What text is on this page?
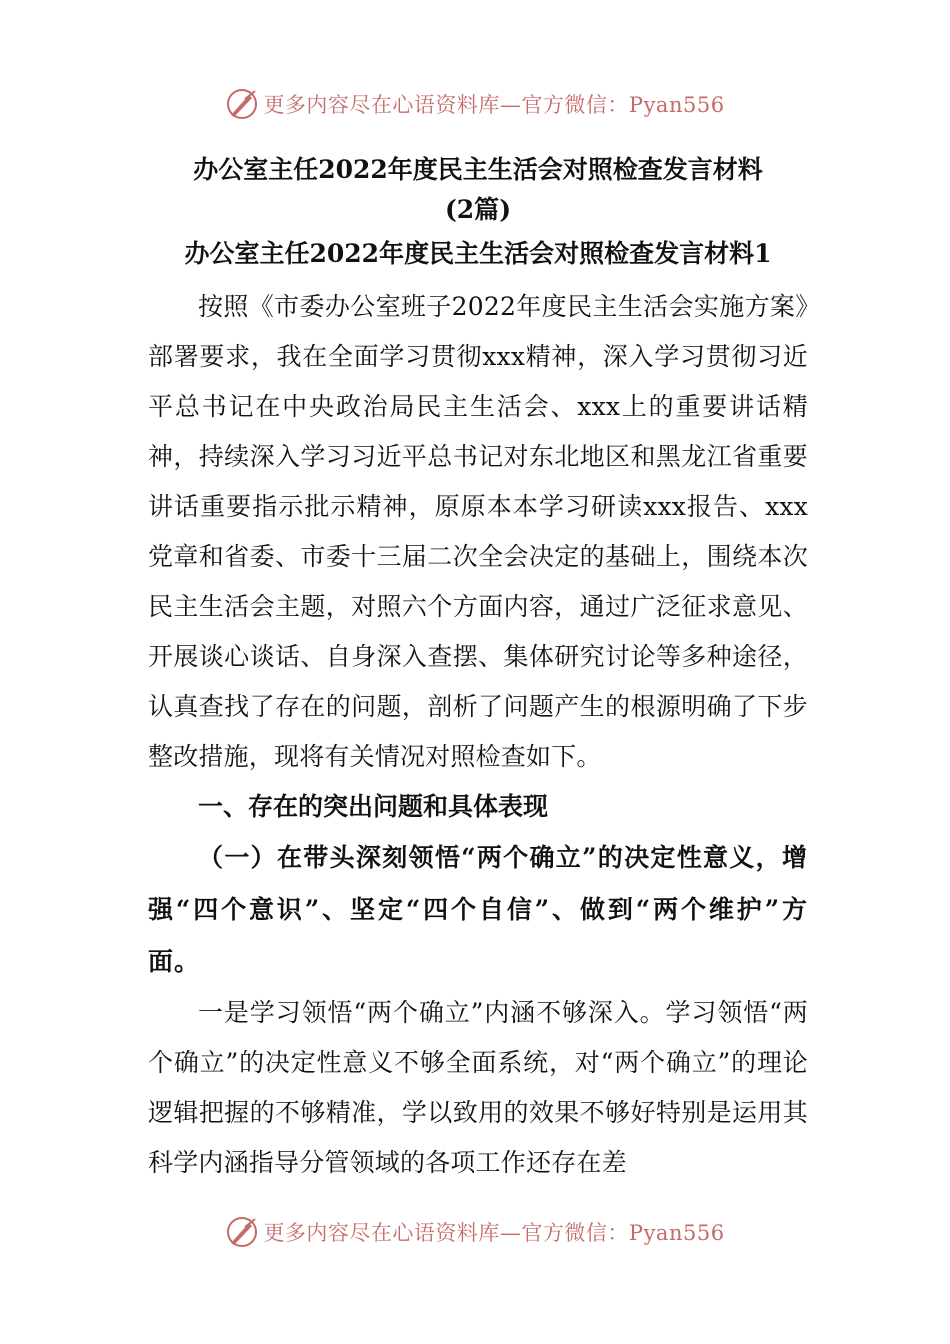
更多内容尽在心语资料库—官方微信：Pyan556

办公室主任2022年度民主生活会对照检查发言材料

(2篇)

办公室主任2022年度民主生活会对照检查发言材料1

按照《市委办公室班子2022年度民主生活会实施方案》部署要求，我在全面学习贯彻xxx精神，深入学习贯彻习近平总书记在中央政治局民主生活会、xxx上的重要讲话精神，持续深入学习习近平总书记对东北地区和黑龙江省重要讲话重要指示批示精神，原原本本学习研读xxx报告、xxx党章和省委、市委十三届二次全会决定的基础上，围绕本次民主生活会主题，对照六个方面内容，通过广泛征求意见、开展谈心谈话、自身深入查摆、集体研究讨论等多种途径，认真查找了存在的问题，剖析了问题产生的根源明确了下步整改措施，现将有关情况对照检查如下。

一、存在的突出问题和具体表现

（一）在带头深刻领悟“两个确立”的决定性意义，增强“四个意识”、坚定“四个自信”、做到“两个维护”方面。

一是学习领悟“两个确立”内涵不够深入。学习领悟“两个确立”的决定性意义不够全面系统，对“两个确立”的理论逻辑把握的不够精准，学以致用的效果不够好特别是运用其科学内涵指导分管领域的各项工作还存在差

更多内容尽在心语资料库—官方微信：Pyan556
